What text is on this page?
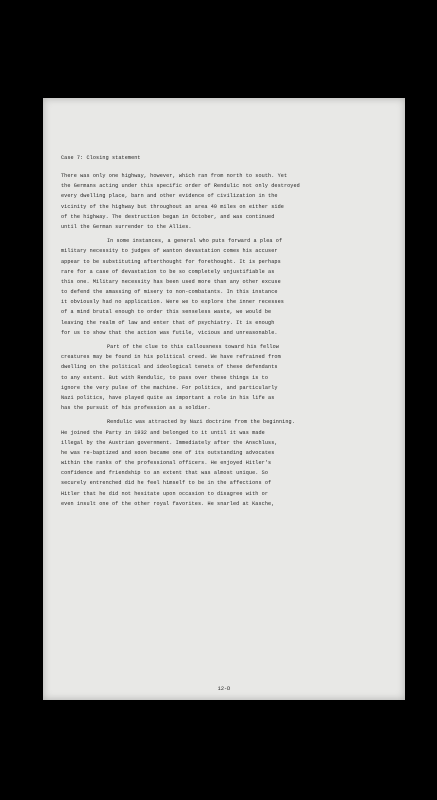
Case 7: Closing statement
There was only one highway, however, which ran from north to south. Yet
the Germans acting under this specific order of Rendulic not only destroyed
every dwelling place, barn and other evidence of civilization in the
vicinity of the highway but throughout an area 40 miles on either side
of the highway. The destruction began in October, and was continued
until the German surrender to the Allies.
In some instances, a general who puts forward a plea of
military necessity to judges of wanton devastation comes his accuser
appear to be substituting afterthought for forethought. It is perhaps
rare for a case of devastation to be so completely unjustifiable as
this one. Military necessity has been used more than any other excuse
to defend the amassing of misery to non-combatants. In this instance
it obviously had no application. Were we to explore the inner recesses
of a mind brutal enough to order this senseless waste, we would be
leaving the realm of law and enter that of psychiatry. It is enough
for us to show that the action was futile, vicious and unreasonable.
Part of the clue to this callousness toward his fellow
creatures may be found in his political creed. We have refrained from
dwelling on the political and ideological tenets of these defendants
to any extent. But with Rendulic, to pass over these things is to
ignore the very pulse of the machine. For politics, and particularly
Nazi politics, have played quite as important a role in his life as
has the pursuit of his profession as a soldier.
Rendulic was attracted by Nazi doctrine from the beginning.
He joined the Party in 1932 and belonged to it until it was made
illegal by the Austrian government. Immediately after the Anschluss,
he was re-baptized and soon became one of its outstanding advocates
within the ranks of the professional officers. He enjoyed Hitler's
confidence and friendship to an extent that was almost unique. So
securely entrenched did he feel himself to be in the affections of
Hitler that he did not hesitate upon occasion to disagree with or
even insult one of the other royal favorites. He snarled at Kasche,
12-D
